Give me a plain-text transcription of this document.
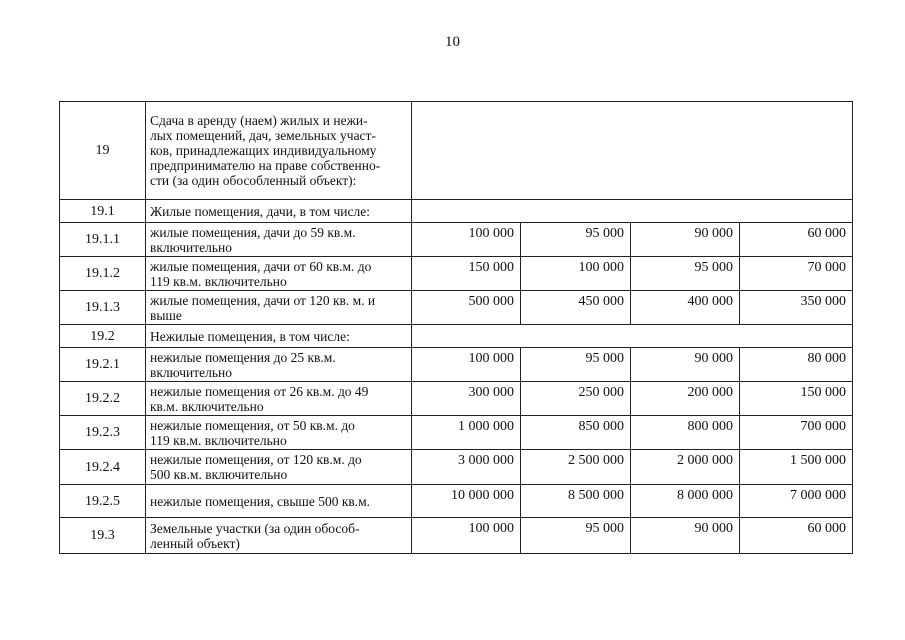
10
19	Сдача в аренду (наем) жилых и нежи-
лых помещений, дач, земельных участ-
ков, принадлежащих индивидуальному
предпринимателю на праве собственно-
сти (за один обособленный объект):				

19.1	Жилые помещения, дачи, в том числе:				
19.1.1	жилые помещения, дачи до 59 кв.м.
включительно	100 000	95 000	90 000	60 000
19.1.2	жилые помещения, дачи от 60 кв.м. до
119 кв.м. включительно	150 000	100 000	95 000	70 000
19.1.3	жилые помещения, дачи от 120 кв. м. и
выше	500 000	450 000	400 000	350 000
19.2	Нежилые помещения, в том числе:				
19.2.1	нежилые помещения до 25 кв.м.
включительно	100 000	95 000	90 000	80 000
19.2.2	нежилые помещения от 26 кв.м. до 49
кв.м. включительно	300 000	250 000	200 000	150 000
19.2.3	нежилые помещения, от 50 кв.м. до
119 кв.м. включительно	1 000 000	850 000	800 000	700 000
19.2.4	нежилые помещения, от 120 кв.м. до
500 кв.м. включительно	3 000 000	2 500 000	2 000 000	1 500 000
19.2.5	нежилые помещения, свыше 500 кв.м.	10 000 000	8 500 000	8 000 000	7 000 000
19.3	Земельные участки (за один обособ-
ленный объект)	100 000	95 000	90 000	60 000
